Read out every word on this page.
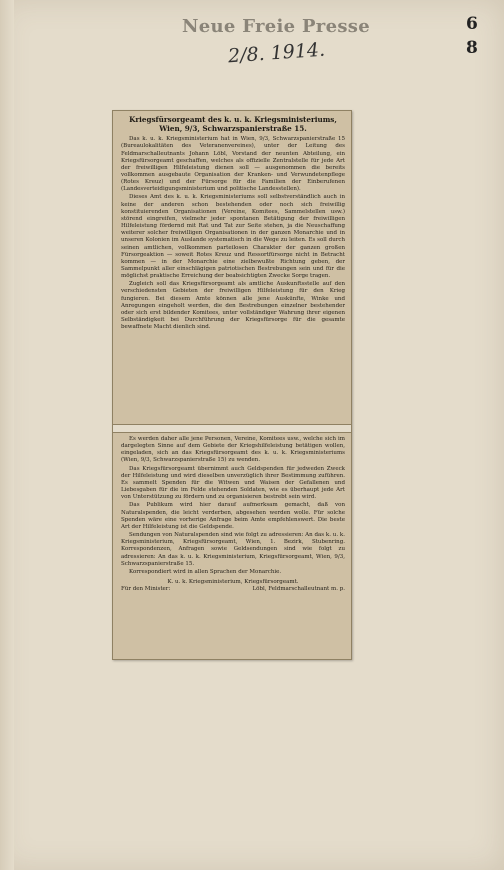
Neue Freie Presse	6
8
2/8. 1914.
Kriegsfürsorgeamt des k. u. k. Kriegsministeriums, Wien, 9/3, Schwarzspanierstraße 15.

Das k. u. k. Kriegsministerium hat in Wien, 9/3, Schwarzspanierstraße 15 (Bureaulokalitäten des Veteranenvereines), unter der Leitung des Feldmarschalleutnants Johann Löbl, Vorstand der neunten Abteilung, ein Kriegsfürsorgeamt geschaffen, welches als offizielle Zentralstelle für jede Art der freiwilligen Hilfeleistung dienen soll — ausgenommen die bereits vollkommen ausgebaute Organisation der Kranken- und Verwundetenpflege (Rotes Kreuz) und der Fürsorge für die Familien der Einberufenen (Landesverteidigungsministerium und politische Landesstellen).

Dieses Amt des k. u. k. Kriegsministeriums soll selbstverständlich auch in keine der anderen schon bestehenden oder noch sich freiwillig konstituierenden Organisationen (Vereine, Komitees, Sammelstellen usw.) störend eingreifen, vielmehr jeder spontanen Betätigung der freiwilligen Hilfeleistung fördernd mit Rat und Tat zur Seite stehen, ja die Neuschaffung weiterer solcher freiwilligen Organisationen in der ganzen Monarchie und in unseren Kolonien im Auslande systematisch in die Wege zu leiten. Es soll durch seinen amtlichen, vollkommen parteilosen Charakter der ganzen großen Fürsorgeaktion — soweit Rotes Kreuz und Ressortfürsorge nicht in Betracht kommen — in der Monarchie eine zielbewußte Richtung geben, der Sammelpunkt aller einschlägigen patriotischen Bestrebungen sein und für die möglichst praktische Erreichung der beabsichtigten Zwecke Sorge tragen.

Zugleich soll das Kriegsfürsorgeamt als amtliche Auskunftsstelle auf den verschiedensten Gebieten der freiwilligen Hilfeleistung für den Krieg fungieren. Bei diesem Amte können alle jene Auskünfte, Winke und Anregungen eingeholt werden, die den Bestrebungen einzelner bestehender oder sich erst bildender Komitees, unter vollständiger Wahrung ihrer eigenen Selbständigkeit bei Durchführung der Kriegsfürsorge für die gesamte bewaffnete Macht dienlich sind.

Es werden daher alle jene Personen, Vereine, Komitees usw., welche sich im dargelegten Sinne auf dem Gebiete der Kriegshilfeleistung betätigen wollen, eingeladen, sich an das Kriegsfürsorgeamt des k. u. k. Kriegsministeriums (Wien, 9/3, Schwarzspanierstraße 15) zu wenden.

Das Kriegsfürsorgeamt übernimmt auch Geldspenden für jedweden Zweck der Hilfeleistung und wird dieselben unverzüglich ihrer Bestimmung zuführen. Es sammelt Spenden für die Witwen und Waisen der Gefallenen und Liebesgaben für die im Felde stehenden Soldaten, wie es überhaupt jede Art von Unterstützung zu fördern und zu organisieren bestrebt sein wird.

Das Publikum wird hier darauf aufmerksam gemacht, daß von Naturalspenden, die leicht verderben, abgesehen werden wolle. Für solche Spenden wäre eine vorherige Anfrage beim Amte empfehlenswert. Die beste Art der Hilfeleistung ist die Geldspende.

Sendungen von Naturalspenden sind wie folgt zu adressieren: An das k. u. k. Kriegsministerium, Kriegsfürsorgeamt, Wien, 1. Bezirk, Stubenring. Korrespondenzen, Anfragen sowie Geldsendungen sind wie folgt zu adressieren: An das k. u. k. Kriegsministerium, Kriegsfürsorgeamt, Wien, 9/3, Schwarzspanierstraße 15.

Korrespondiert wird in allen Sprachen der Monarchie.

K. u. k. Kriegsministerium, Kriegsfürsorgeamt.
Für den Minister:	Löbl, Feldmarschalleutnant m. p.
